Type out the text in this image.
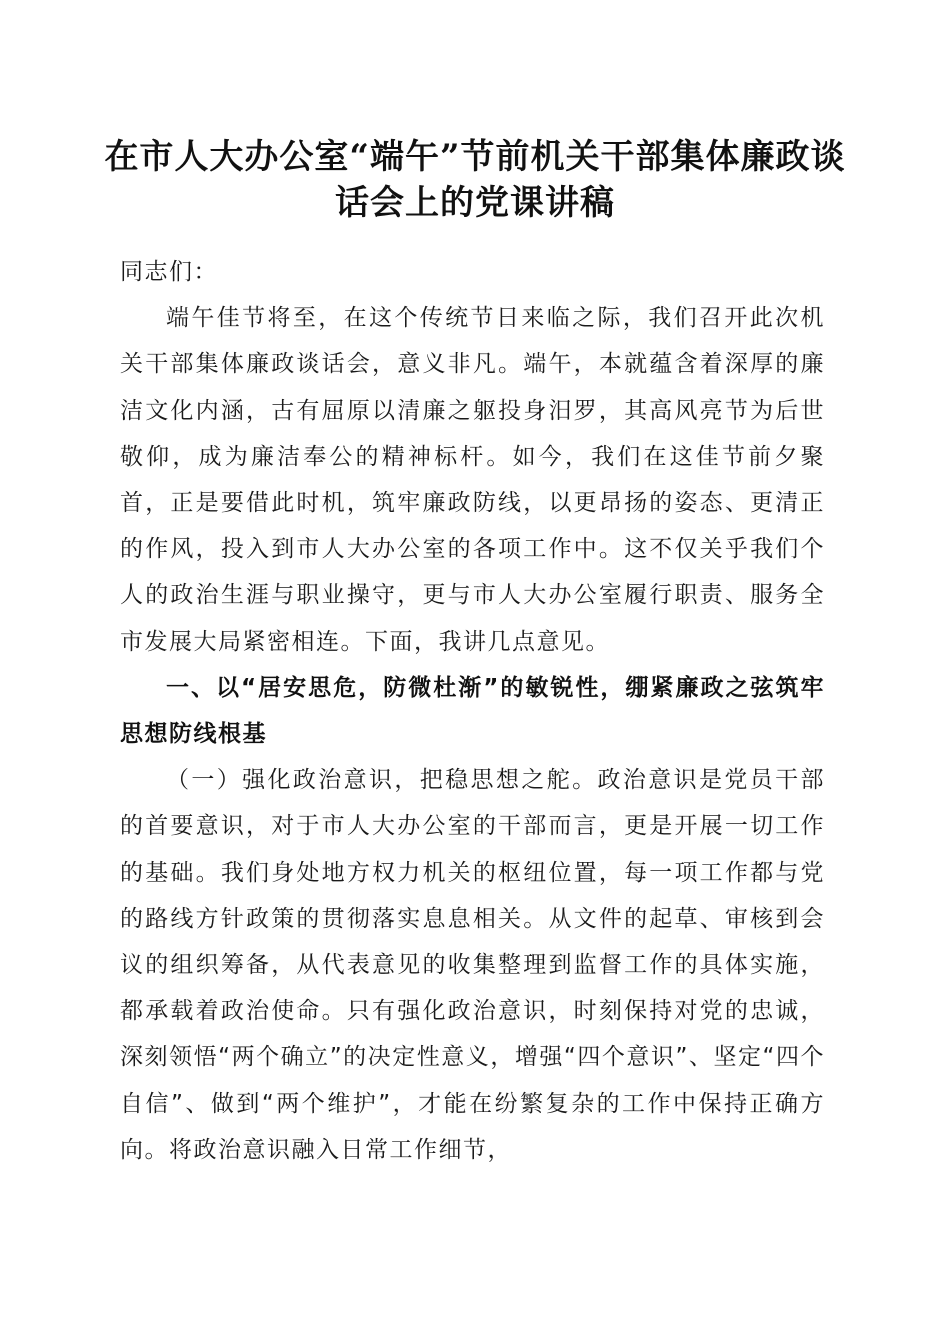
在市人大办公室“端午”节前机关干部集体廉政谈话会上的党课讲稿

同志们：

端午佳节将至，在这个传统节日来临之际，我们召开此次机关干部集体廉政谈话会，意义非凡。端午，本就蕴含着深厚的廉洁文化内涵，古有屈原以清廉之躯投身汨罗，其高风亮节为后世敬仰，成为廉洁奉公的精神标杆。如今，我们在这佳节前夕聚首，正是要借此时机，筑牢廉政防线，以更昂扬的姿态、更清正的作风，投入到市人大办公室的各项工作中。这不仅关乎我们个人的政治生涯与职业操守，更与市人大办公室履行职责、服务全市发展大局紧密相连。下面，我讲几点意见。

一、以“居安思危，防微杜渐”的敏锐性，绷紧廉政之弦筑牢思想防线根基

（一）强化政治意识，把稳思想之舵。政治意识是党员干部的首要意识，对于市人大办公室的干部而言，更是开展一切工作的基础。我们身处地方权力机关的枢纽位置，每一项工作都与党的路线方针政策的贯彻落实息息相关。从文件的起草、审核到会议的组织筹备，从代表意见的收集整理到监督工作的具体实施，都承载着政治使命。只有强化政治意识，时刻保持对党的忠诚，深刻领悟“两个确立”的决定性意义，增强“四个意识”、坚定“四个自信”、做到“两个维护”，才能在纷繁复杂的工作中保持正确方向。将政治意识融入日常工作细节，
